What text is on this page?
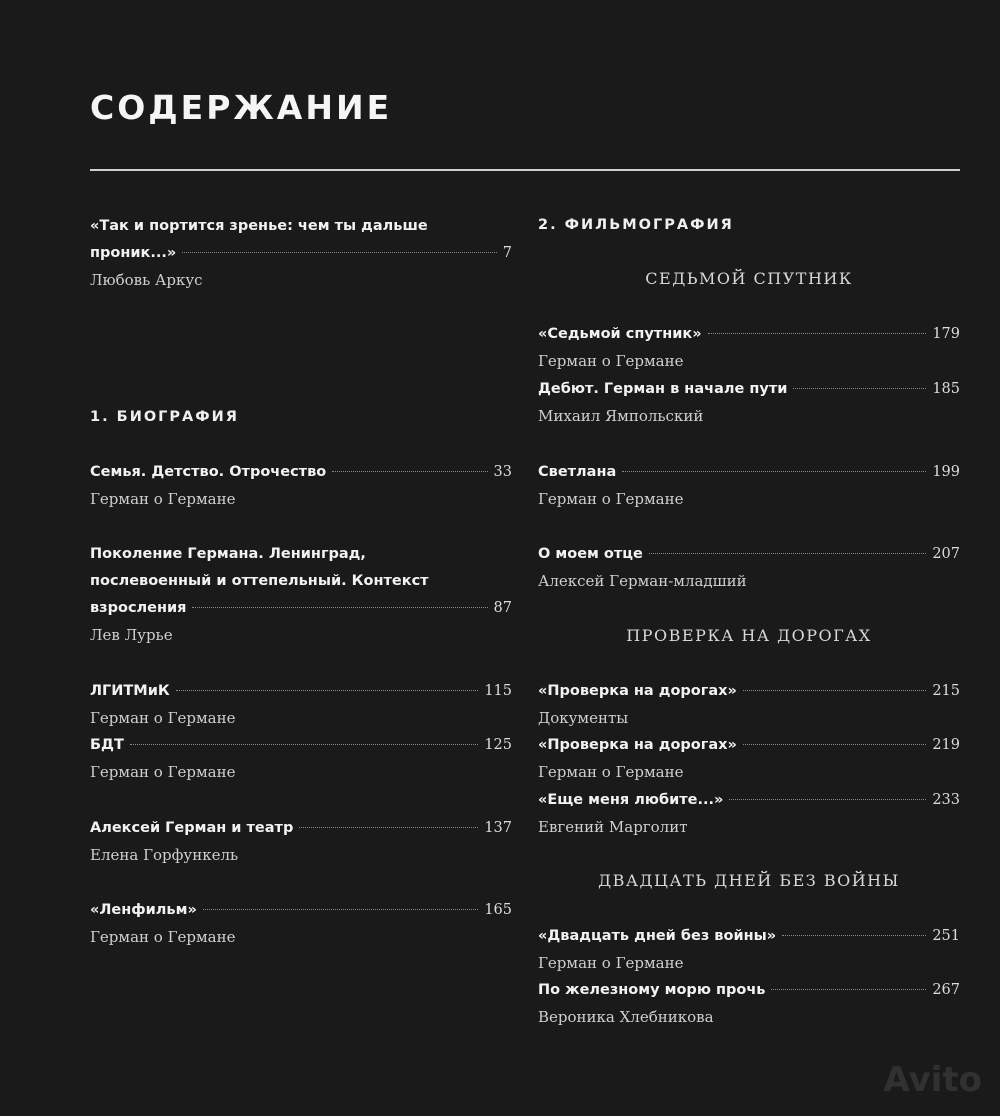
СОДЕРЖАНИЕ
«Так и портится зренье: чем ты дальше
проник...»	7
Любовь Аркус
1. БИОГРАФИЯ
Семья. Детство. Отрочество	33
Герман о Германе
Поколение Германа. Ленинград,
послевоенный и оттепельный. Контекст
взросления	87
Лев Лурье
ЛГИТМиК	115
Герман о Германе
БДТ	125
Герман о Германе
Алексей Герман и театр	137
Елена Горфункель
«Ленфильм»	165
Герман о Германе
2. ФИЛЬМОГРАФИЯ
СЕДЬМОЙ СПУТНИК
«Седьмой спутник»	179
Герман о Германе
Дебют. Герман в начале пути	185
Михаил Ямпольский
Светлана	199
Герман о Германе
О моем отце	207
Алексей Герман-младший
ПРОВЕРКА НА ДОРОГАХ
«Проверка на дорогах»	215
Документы
«Проверка на дорогах»	219
Герман о Германе
«Еще меня любите...»	233
Евгений Марголит
ДВАДЦАТЬ ДНЕЙ БЕЗ ВОЙНЫ
«Двадцать дней без войны»	251
Герман о Германе
По железному морю прочь	267
Вероника Хлебникова
Avito
